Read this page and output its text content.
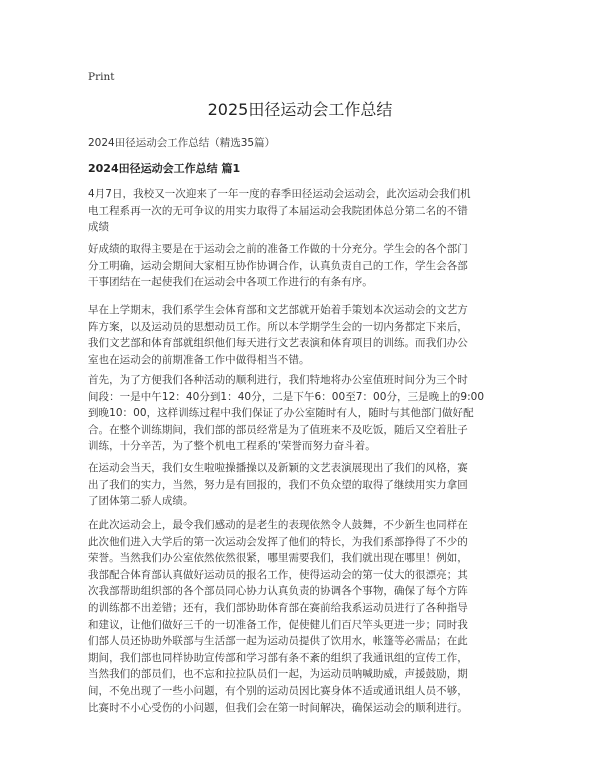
Print
2025田径运动会工作总结
2024田径运动会工作总结（精选35篇）
2024田径运动会工作总结 篇1
4月7日，我校又一次迎来了一年一度的春季田径运动会运动会，此次运动会我们机
电工程系再一次的无可争议的用实力取得了本届运动会我院团体总分第二名的不错
成绩
好成绩的取得主要是在于运动会之前的准备工作做的十分充分。学生会的各个部门
分工明确，运动会期间大家相互协作协调合作，认真负责自己的工作，学生会各部
干事团结在一起使我们在运动会中各项工作进行的有条有序。
早在上学期末，我们系学生会体育部和文艺部就开始着手策划本次运动会的文艺方
阵方案，以及运动员的思想动员工作。所以本学期学生会的一切内务都定下来后，
我们文艺部和体育部就组织他们每天进行文艺表演和体育项目的训练。而我们办公
室也在运动会的前期准备工作中做得相当不错。
首先，为了方便我们各种活动的顺利进行，我们特地将办公室值班时间分为三个时
间段：一是中午12：40分到1：40分，二是下午6：00至7：00分，三是晚上的9:00
到晚10：00，这样训练过程中我们保证了办公室随时有人，随时与其他部门做好配
合。在整个训练期间，我们部的部员经常是为了值班来不及吃饭，随后又空着肚子
训练，十分辛苦，为了整个机电工程系的'荣誉而努力奋斗着。
在运动会当天，我们女生啦啦操播操以及新颖的文艺表演展现出了我们的风格，赛
出了我们的实力，当然，努力是有回报的，我们不负众望的取得了继续用实力拿回
了团体第二骄人成绩。
在此次运动会上，最令我们感动的是老生的表现依然令人鼓舞，不少新生也同样在
此次他们进入大学后的第一次运动会发挥了他们的特长，为我们系部挣得了不少的
荣誉。当然我们办公室依然依然很紧，哪里需要我们，我们就出现在哪里！例如，
我部配合体育部认真做好运动员的报名工作，使得运动会的第一仗大的很漂亮；其
次我部帮助组织部的各个部员同心协力认真负责的协调各个事物，确保了每个方阵
的训练都不出差错；还有，我们部协助体育部在赛前给我系运动员进行了各种指导
和建议，让他们做好三千的一切准备工作，促使健儿们百尺竿头更进一步；同时我
们部人员还协助外联部与生活部一起为运动员提供了饮用水，帐篷等必需品；在此
期间，我们部也同样协助宣传部和学习部有条不紊的组织了我通讯组的宣传工作，
当然我们的部员们，也不忘和拉拉队员们一起，为运动员呐喊助威，声援鼓励，期
间，不免出现了一些小问题，有个别的运动员因比赛身体不适或通讯组人员不够，
比赛时不小心受伤的小问题，但我们会在第一时间解决，确保运动会的顺利进行。
